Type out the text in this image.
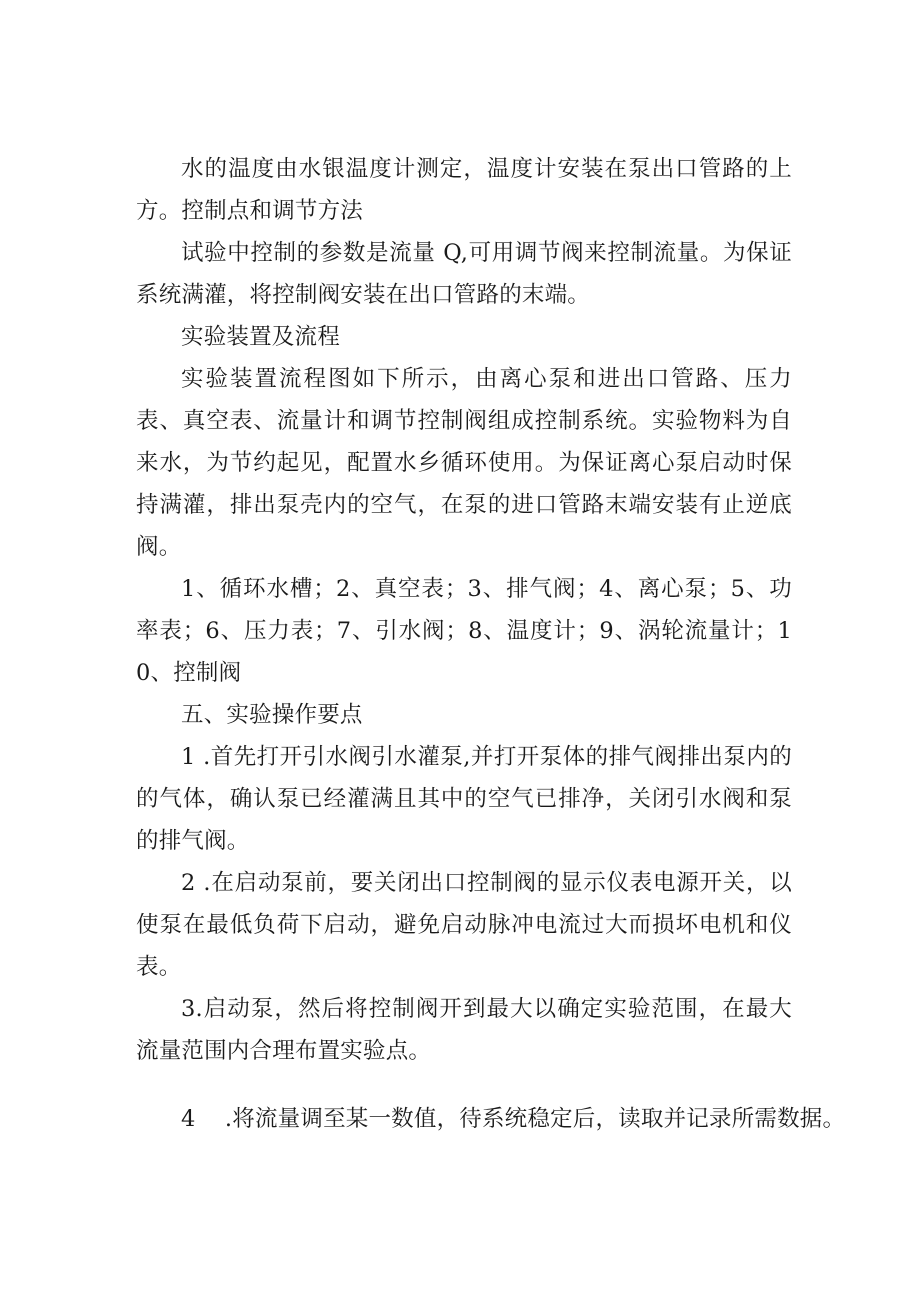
水的温度由水银温度计测定，温度计安装在泵出口管路的上方。控制点和调节方法

试验中控制的参数是流量 Q,可用调节阀来控制流量。为保证系统满灌，将控制阀安装在出口管路的末端。

实验装置及流程

实验装置流程图如下所示，由离心泵和进出口管路、压力表、真空表、流量计和调节控制阀组成控制系统。实验物料为自来水，为节约起见，配置水乡循环使用。为保证离心泵启动时保持满灌，排出泵壳内的空气，在泵的进口管路末端安装有止逆底阀。

1、循环水槽；2、真空表；3、排气阀；4、离心泵；5、功率表；6、压力表；7、引水阀；8、温度计；9、涡轮流量计；10、控制阀

五、实验操作要点

1 .首先打开引水阀引水灌泵,并打开泵体的排气阀排出泵内的的气体，确认泵已经灌满且其中的空气已排净，关闭引水阀和泵的排气阀。

2 .在启动泵前，要关闭出口控制阀的显示仪表电源开关，以使泵在最低负荷下启动，避免启动脉冲电流过大而损坏电机和仪表。

3.启动泵，然后将控制阀开到最大以确定实验范围，在最大流量范围内合理布置实验点。

4    .将流量调至某一数值，待系统稳定后，读取并记录所需数据。
